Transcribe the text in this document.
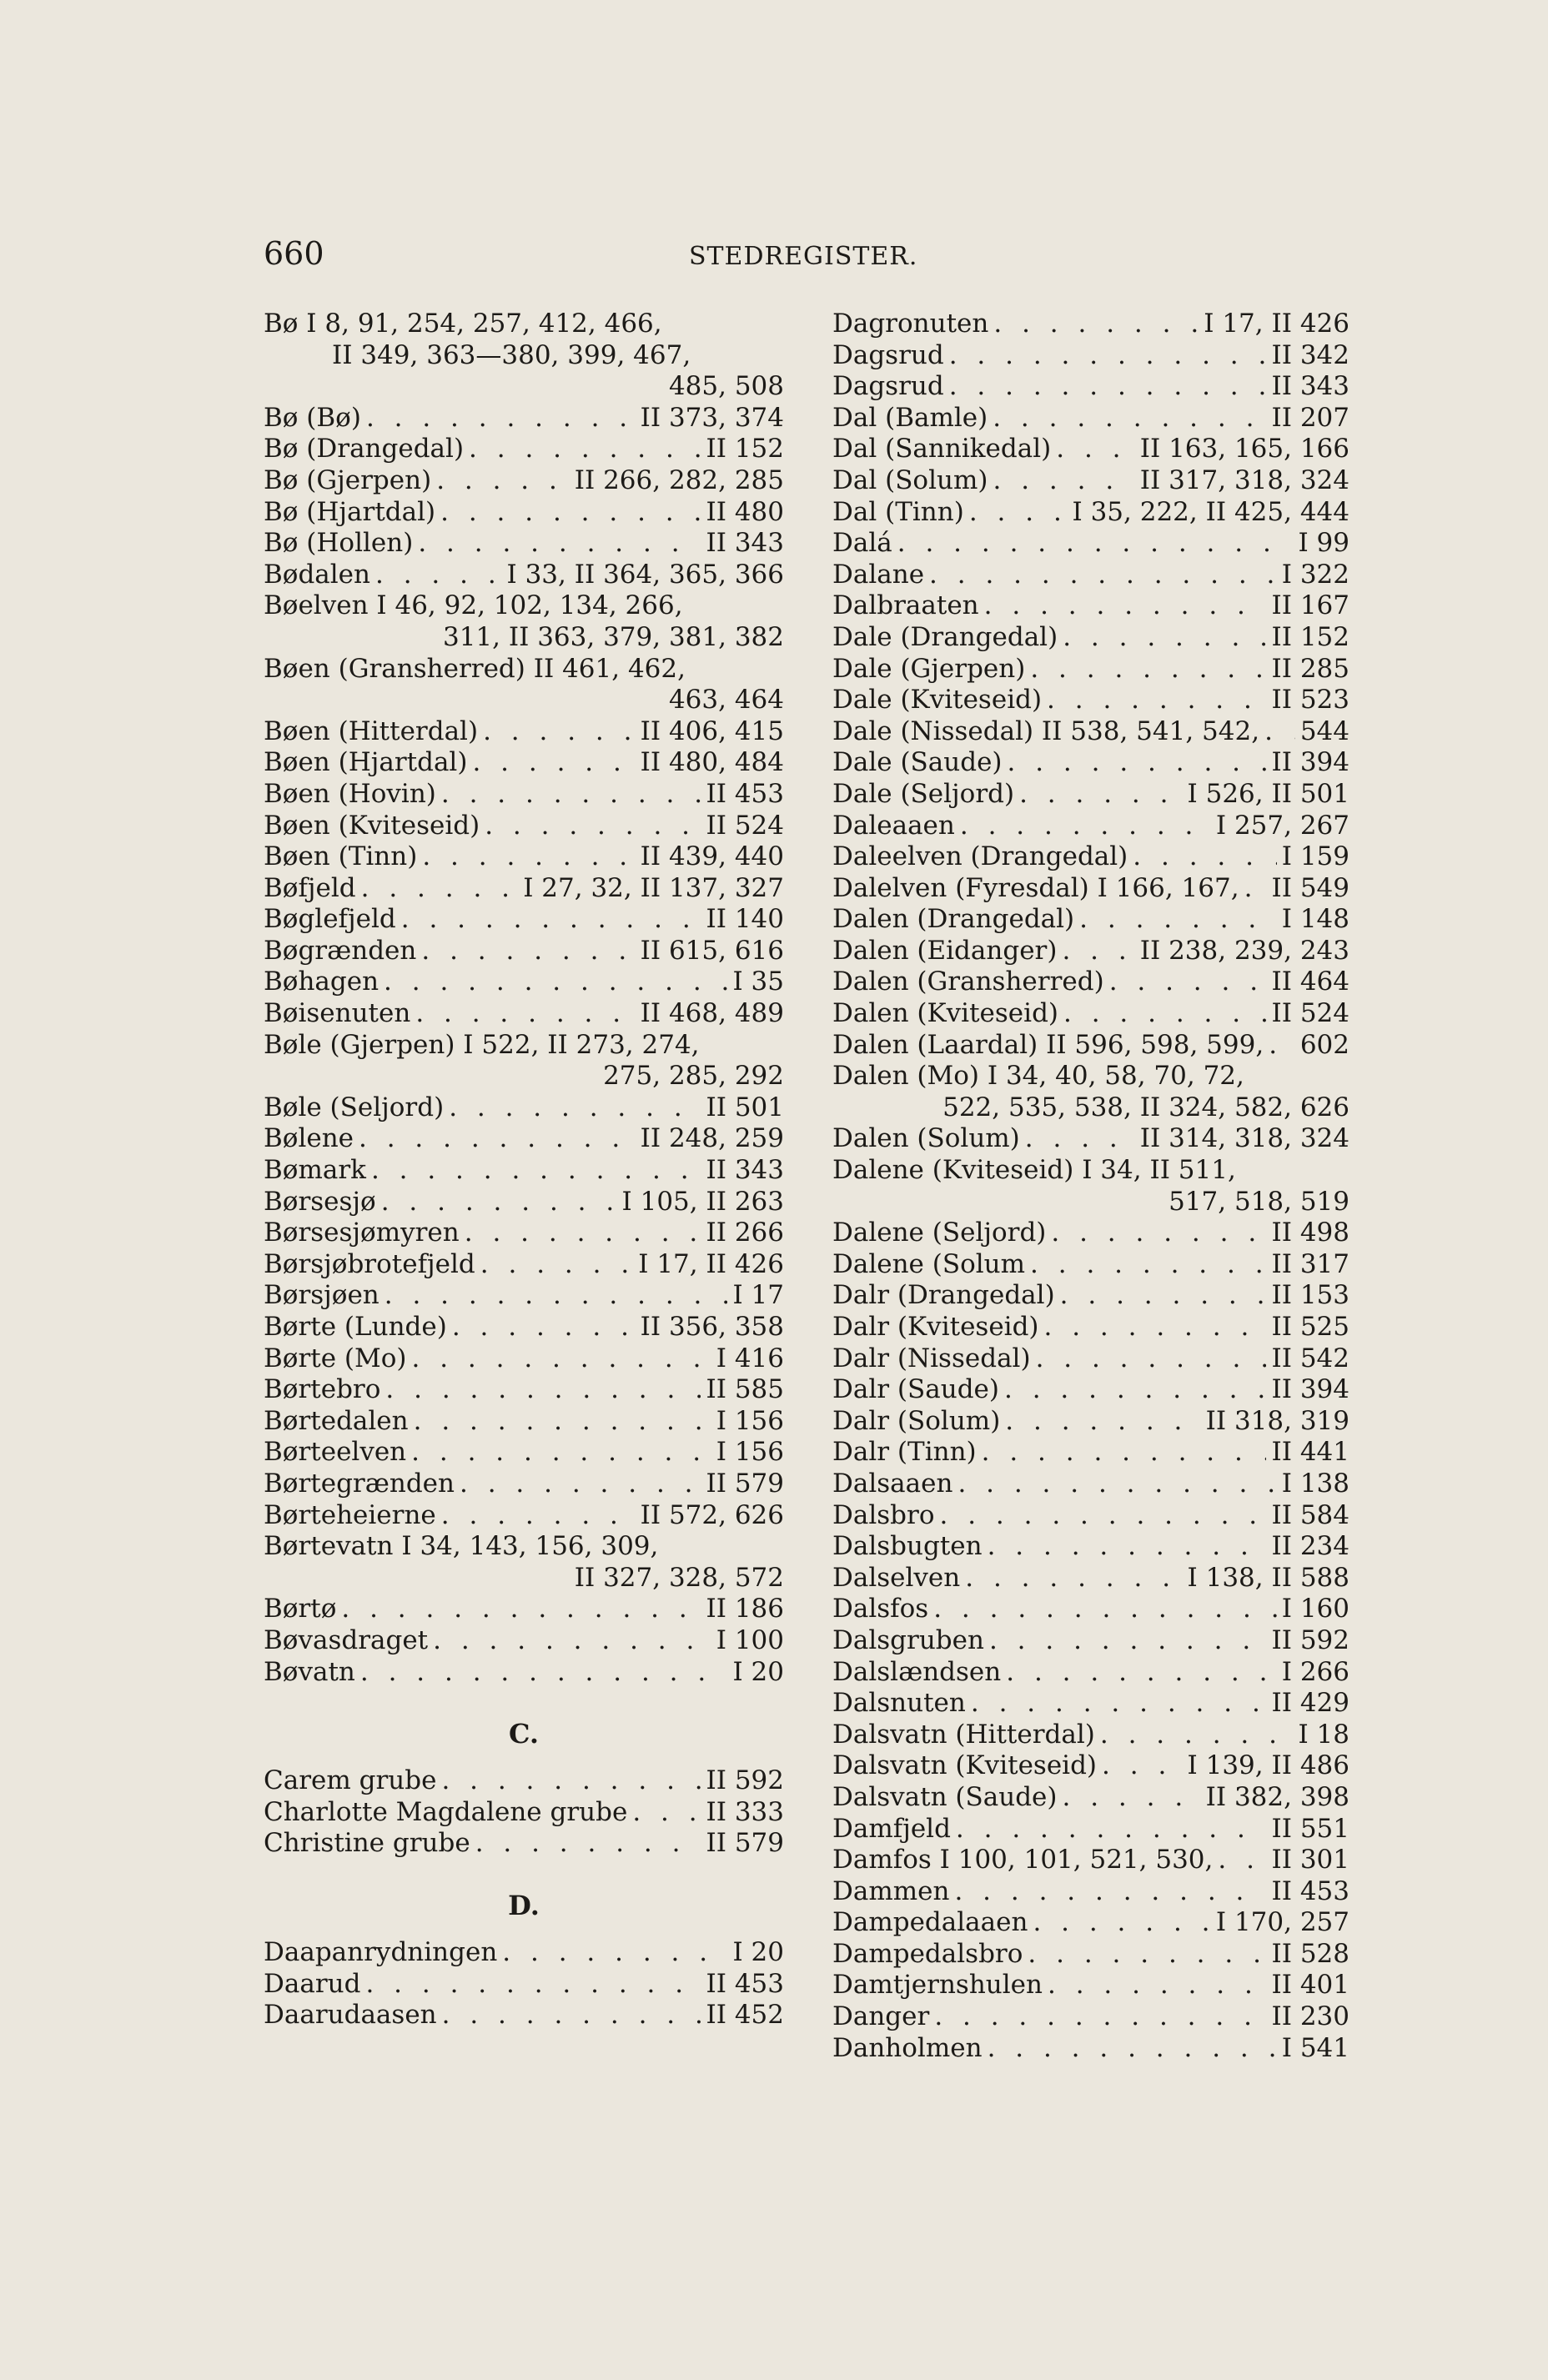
660	STEDREGISTER.
Bø I 8, 91, 254, 257, 412, 466,
II 349, 363—380, 399, 467,
485, 508
Bø (Bø) . . .	II 373, 374
Bø (Drangedal) . . .	II 152
Bø (Gjerpen) . . .	II 266, 282, 285
Bø (Hjartdal) . . .	II 480
Bø (Hollen) . . .	II 343
Bødalen . . .	I 33, II 364, 365, 366
Bøelven I 46, 92, 102, 134, 266,
311, II 363, 379, 381, 382
Bøen (Gransherred) II 461, 462,
463, 464
Bøen (Hitterdal) . . .	II 406, 415
Bøen (Hjartdal) . . .	II 480, 484
Bøen (Hovin) . . .	II 453
Bøen (Kviteseid) . . .	II 524
Bøen (Tinn) . . .	II 439, 440
Bøfjeld . . .	I 27, 32, II 137, 327
Bøglefjeld . . .	II 140
Bøgrænden . . .	II 615, 616
Bøhagen . . .	I 35
Bøisenuten . . .	II 468, 489
Bøle (Gjerpen) I 522, II 273, 274,
275, 285, 292
Bøle (Seljord) . . .	II 501
Bølene . . .	II 248, 259
Bømark . . .	II 343
Børsesjø . . .	I 105, II 263
Børsesjømyren . . .	II 266
Børsjøbrotefjeld . . .	I 17, II 426
Børsjøen . . .	I 17
Børte (Lunde) . . .	II 356, 358
Børte (Mo) . . .	I 416
Børtebro . . .	II 585
Børtedalen . . .	I 156
Børteelven . . .	I 156
Børtegrænden . . .	II 579
Børteheierne . . .	II 572, 626
Børtevatn I 34, 143, 156, 309,
II 327, 328, 572
Børtø . . .	II 186
Bøvasdraget . . .	I 100
Bøvatn . . .	I 20
C.
Carem grube . . .	II 592
Charlotte Magdalene grube . . .	II 333
Christine grube . . .	II 579
D.
Daapanrydningen . . .	I 20
Daarud . . .	II 453
Daarudaasen . . .	II 452
Dagronuten . . .	I 17, II 426
Dagsrud . . .	II 342
Dagsrud . . .	II 343
Dal (Bamle) . . .	II 207
Dal (Sannikedal) . . .	II 163, 165, 166
Dal (Solum) . . .	II 317, 318, 324
Dal (Tinn) . . .	I 35, 222, II 425, 444
Dalá . . .	I 99
Dalane . . .	I 322
Dalbraaten . . .	II 167
Dale (Drangedal) . . .	II 152
Dale (Gjerpen) . . .	II 285
Dale (Kviteseid) . . .	II 523
Dale (Nissedal) II 538, 541, 542, . . . 544
Dale (Saude) . . .	II 394
Dale (Seljord) . . .	I 526, II 501
Daleaaen . . .	I 257, 267
Daleelven (Drangedal) . . .	I 159
Dalelven (Fyresdal) I 166, 167, . . . II 549
Dalen (Drangedal) . . .	I 148
Dalen (Eidanger) . . .	II 238, 239, 243
Dalen (Gransherred) . . .	II 464
Dalen (Kviteseid) . . .	II 524
Dalen (Laardal) II 596, 598, 599, . . . 602
Dalen (Mo) I 34, 40, 58, 70, 72,
522, 535, 538, II 324, 582, 626
Dalen (Solum) . . .	II 314, 318, 324
Dalene (Kviteseid) I 34, II 511,
517, 518, 519
Dalene (Seljord) . . .	II 498
Dalene (Solum . . .	II 317
Dalr (Drangedal) . . .	II 153
Dalr (Kviteseid) . . .	II 525
Dalr (Nissedal) . . .	II 542
Dalr (Saude) . . .	II 394
Dalr (Solum) . . .	II 318, 319
Dalr (Tinn) . . .	II 441
Dalsaaen . . .	I 138
Dalsbro . . .	II 584
Dalsbugten . . .	II 234
Dalselven . . .	I 138, II 588
Dalsfos . . .	I 160
Dalsgruben . . .	II 592
Dalslændsen . . .	I 266
Dalsnuten . . .	II 429
Dalsvatn (Hitterdal) . . .	I 18
Dalsvatn (Kviteseid) . . .	I 139, II 486
Dalsvatn (Saude) . . .	II 382, 398
Damfjeld . . .	II 551
Damfos I 100, 101, 521, 530, . . . II 301
Dammen . . .	II 453
Dampedalaaen . . .	I 170, 257
Dampedalsbro . . .	II 528
Damtjernshulen . . .	II 401
Danger . . .	II 230
Danholmen . . .	I 541
